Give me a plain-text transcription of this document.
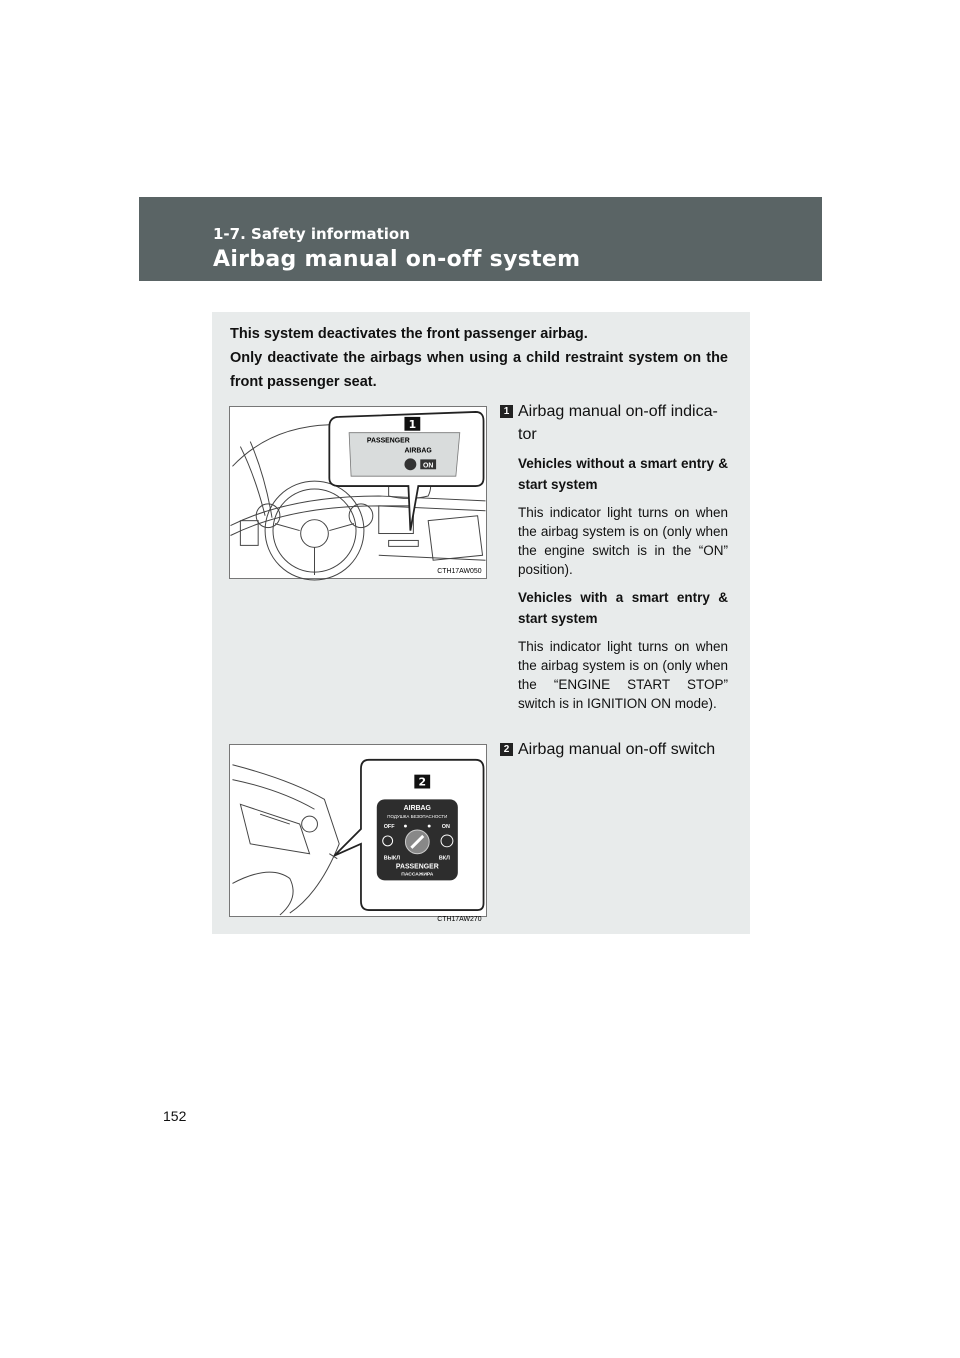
1-7. Safety information
Airbag manual on-off system

This system deactivates the front passenger airbag.

Only deactivate the airbags when using a child restraint system on the front passenger seat.

1
PASSENGER
AIRBAG
ON
CTH17AW050
1 Airbag manual on-off indica-tor
Vehicles without a smart entry & start system
This indicator light turns on when the airbag system is on (only when the engine switch is in the “ON” position).
Vehicles with a smart entry & start system
This indicator light turns on when the airbag system is on (only when the “ENGINE START STOP” switch is in IGNITION ON mode).
2
AIRBAG
ПОДУШКА БЕЗОПАСНОСТИ
OFF	ON
ВЫКЛ	ВКЛ
PASSENGER
ПАССАЖИРА
CTH17AW270
2 Airbag manual on-off switch
152
